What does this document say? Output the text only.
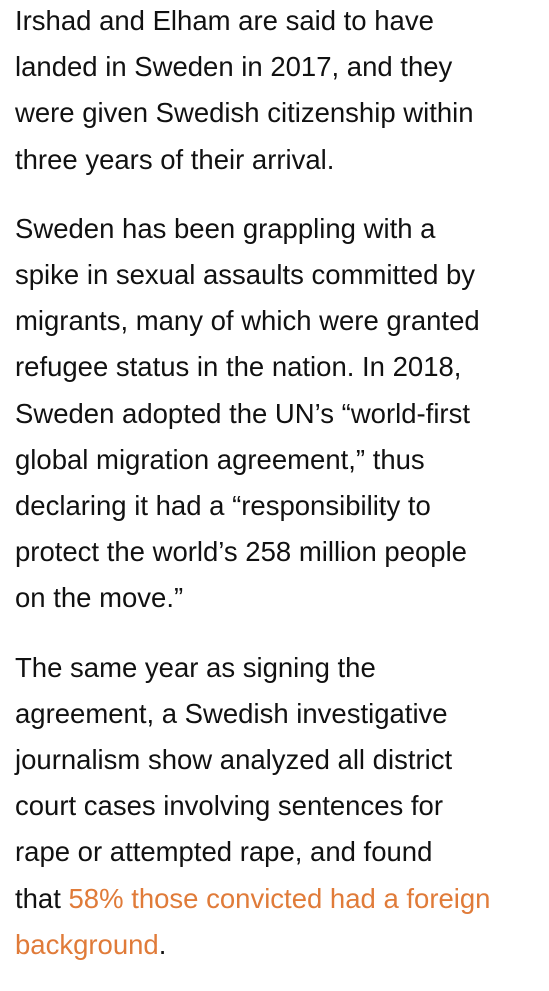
Irshad and Elham are said to have
landed in Sweden in 2017, and they
were given Swedish citizenship within
three years of their arrival.
Sweden has been grappling with a
spike in sexual assaults committed by
migrants, many of which were granted
refugee status in the nation. In 2018,
Sweden adopted the UN’s “world-first
global migration agreement,” thus
declaring it had a “responsibility to
protect the world’s 258 million people
on the move.”
The same year as signing the
agreement, a Swedish investigative
journalism show analyzed all district
court cases involving sentences for
rape or attempted rape, and found
that 58% those convicted had a foreign
background.
